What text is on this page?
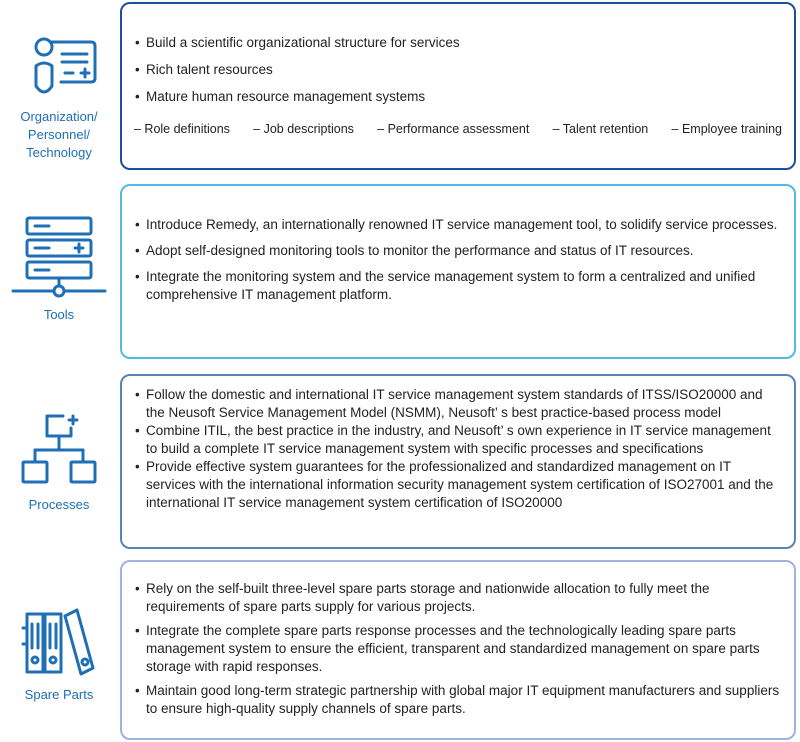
Organization/
Personnel/
Technology
• Build a scientific organizational structure for services
• Rich talent resources
• Mature human resource management systems
– Role definitions – Job descriptions – Performance assessment – Talent retention – Employee training
Tools
• Introduce Remedy, an internationally renowned IT service management tool, to solidify service processes.
• Adopt self-designed monitoring tools to monitor the performance and status of IT resources.
• Integrate the monitoring system and the service management system to form a centralized and unified comprehensive IT management platform.
Processes
• Follow the domestic and international IT service management system standards of ITSS/ISO20000 and the Neusoft Service Management Model (NSMM), Neusoft’ s best practice-based process model
• Combine ITIL, the best practice in the industry, and Neusoft’ s own experience in IT service management to build a complete IT service management system with specific processes and specifications
• Provide effective system guarantees for the professionalized and standardized management on IT services with the international information security management system certification of ISO27001 and the international IT service management system certification of ISO20000
Spare Parts
• Rely on the self-built three-level spare parts storage and nationwide allocation to fully meet the requirements of spare parts supply for various projects.
• Integrate the complete spare parts response processes and the technologically leading spare parts management system to ensure the efficient, transparent and standardized management on spare parts storage with rapid responses.
• Maintain good long-term strategic partnership with global major IT equipment manufacturers and suppliers to ensure high-quality supply channels of spare parts.
